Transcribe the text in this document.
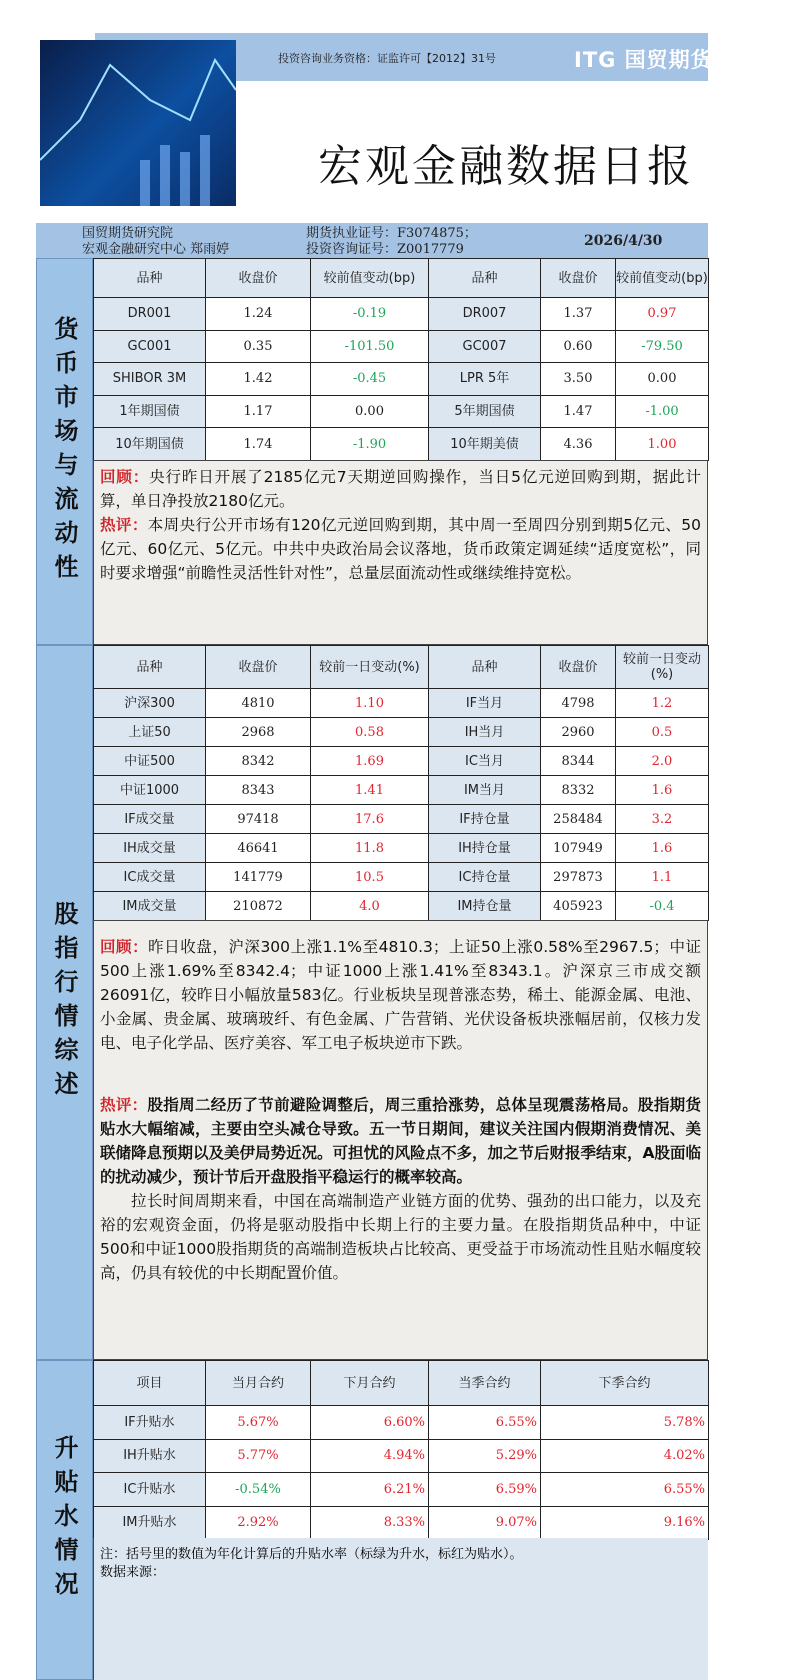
投资咨询业务资格：证监许可【2012】31号	ITG 国贸期货
宏观金融数据日报
国贸期货研究院
宏观金融研究中心 郑雨婷
期货执业证号：F3074875；
投资咨询证号：Z0017779
2026/4/30
货币市场与流动性
品种	收盘价	较前值变动(bp)	品种	收盘价	较前值变动(bp)
DR001	1.24	-0.19	DR007	1.37	0.97
GC001	0.35	-101.50	GC007	0.60	-79.50
SHIBOR 3M	1.42	-0.45	LPR 5年	3.50	0.00
1年期国债	1.17	0.00	5年期国债	1.47	-1.00
10年期国债	1.74	-1.90	10年期美债	4.36	1.00
回顾：央行昨日开展了2185亿元7天期逆回购操作，当日5亿元逆回购到期，据此计算，单日净投放2180亿元。
热评：本周央行公开市场有120亿元逆回购到期，其中周一至周四分别到期5亿元、50亿元、60亿元、5亿元。中共中央政治局会议落地，货币政策定调延续“适度宽松”，同时要求增强“前瞻性灵活性针对性”，总量层面流动性或继续维持宽松。
股指行情综述
品种	收盘价	较前一日变动(%)	品种	收盘价	较前一日变动(%)
沪深300	4810	1.10	IF当月	4798	1.2
上证50	2968	0.58	IH当月	2960	0.5
中证500	8342	1.69	IC当月	8344	2.0
中证1000	8343	1.41	IM当月	8332	1.6
IF成交量	97418	17.6	IF持仓量	258484	3.2
IH成交量	46641	11.8	IH持仓量	107949	1.6
IC成交量	141779	10.5	IC持仓量	297873	1.1
IM成交量	210872	4.0	IM持仓量	405923	-0.4

回顾：昨日收盘，沪深300上涨1.1%至4810.3；上证50上涨0.58%至2967.5；中证500上涨1.69%至8342.4；中证1000上涨1.41%至8343.1。沪深京三市成交额26091亿，较昨日小幅放量583亿。行业板块呈现普涨态势，稀土、能源金属、电池、小金属、贵金属、玻璃玻纤、有色金属、广告营销、光伏设备板块涨幅居前，仅核力发电、电子化学品、医疗美容、军工电子板块逆市下跌。

热评：股指周二经历了节前避险调整后，周三重拾涨势，总体呈现震荡格局。股指期货贴水大幅缩减，主要由空头减仓导致。五一节日期间，建议关注国内假期消费情况、美联储降息预期以及美伊局势近况。可担忧的风险点不多，加之节后财报季结束，A股面临的扰动减少，预计节后开盘股指平稳运行的概率较高。

拉长时间周期来看，中国在高端制造产业链方面的优势、强劲的出口能力，以及充裕的宏观资金面，仍将是驱动股指中长期上行的主要力量。在股指期货品种中，中证500和中证1000股指期货的高端制造板块占比较高、更受益于市场流动性且贴水幅度较高，仍具有较优的中长期配置价值。

升贴水情况
项目	当月合约	下月合约	当季合约	下季合约
IF升贴水	5.67%	6.60%	6.55%	5.78%
IH升贴水	5.77%	4.94%	5.29%	4.02%
IC升贴水	-0.54%	6.21%	6.59%	6.55%
IM升贴水	2.92%	8.33%	9.07%	9.16%
注：括号里的数值为年化计算后的升贴水率（标绿为升水，标红为贴水）。
数据来源：
